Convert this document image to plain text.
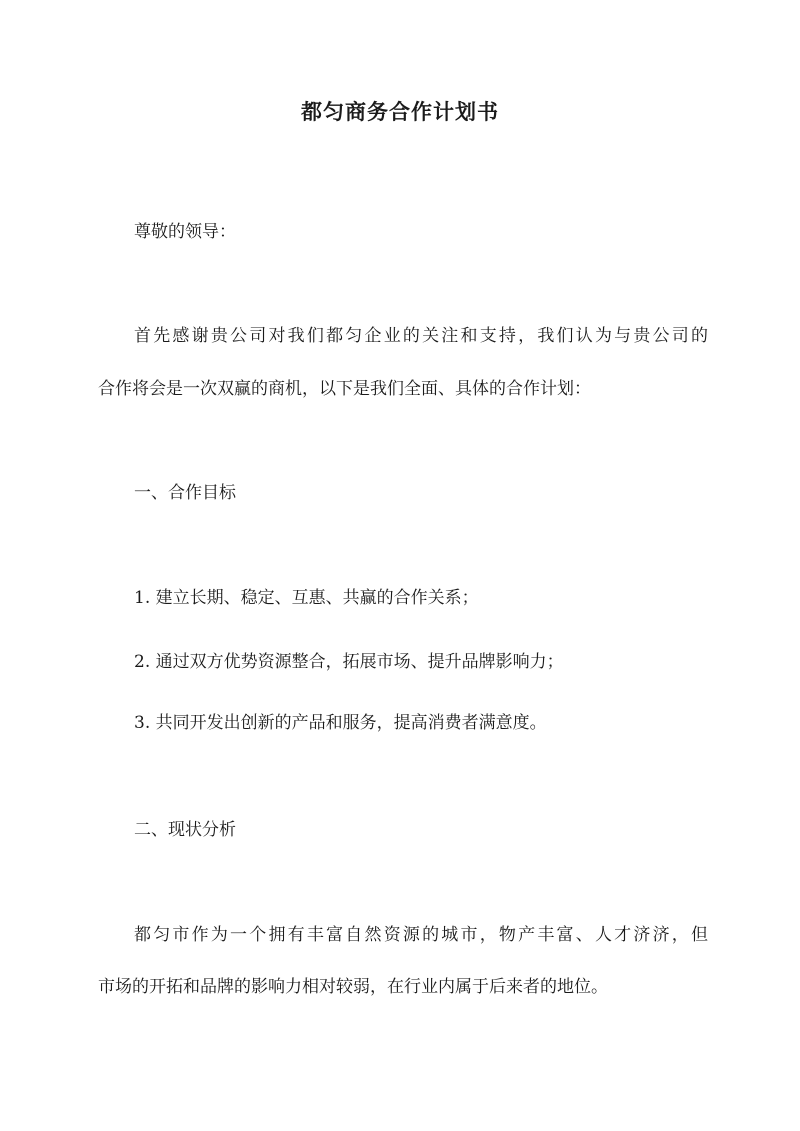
都匀商务合作计划书
尊敬的领导：
首先感谢贵公司对我们都匀企业的关注和支持，我们认为与贵公司的
合作将会是一次双赢的商机，以下是我们全面、具体的合作计划：
一、合作目标
1. 建立长期、稳定、互惠、共赢的合作关系；
2. 通过双方优势资源整合，拓展市场、提升品牌影响力；
3. 共同开发出创新的产品和服务，提高消费者满意度。
二、现状分析
都匀市作为一个拥有丰富自然资源的城市，物产丰富、人才济济，但
市场的开拓和品牌的影响力相对较弱，在行业内属于后来者的地位。
